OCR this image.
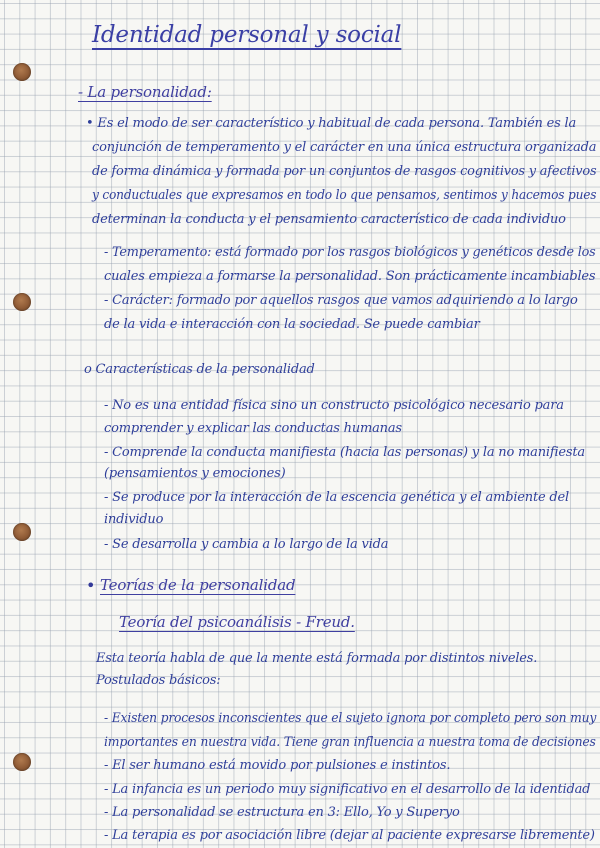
Identidad personal y social
- La personalidad:
• Es el modo de ser característico y habitual de cada persona. También es la
conjunción de temperamento y el carácter en una única estructura organizada
de forma dinámica y formada por un conjuntos de rasgos cognitivos y afectivos
y conductuales que expresamos en todo lo que pensamos, sentimos y hacemos pues
determinan la conducta y el pensamiento característico de cada individuo
- Temperamento: está formado por los rasgos biológicos y genéticos desde los
cuales empieza a formarse la personalidad. Son prácticamente incambiables
- Carácter: formado por aquellos rasgos que vamos adquiriendo a lo largo
de la vida e interacción con la sociedad. Se puede cambiar
o Características de la personalidad
- No es una entidad física sino un constructo psicológico necesario para
comprender y explicar las conductas humanas
- Comprende la conducta manifiesta (hacia las personas) y la no manifiesta
(pensamientos y emociones)
- Se produce por la interacción de la escencia genética y el ambiente del
individuo
- Se desarrolla y cambia a lo largo de la vida
• Teorías de la personalidad
Teoría del psicoanálisis - Freud.
Esta teoría habla de que la mente está formada por distintos niveles.
Postulados básicos:
- Existen procesos inconscientes que el sujeto ignora por completo pero son muy
importantes en nuestra vida. Tiene gran influencia a nuestra toma de decisiones
- El ser humano está movido por pulsiones e instintos.
- La infancia es un periodo muy significativo en el desarrollo de la identidad
- La personalidad se estructura en 3: Ello, Yo y Superyo
- La terapia es por asociación libre (dejar al paciente expresarse libremente)
